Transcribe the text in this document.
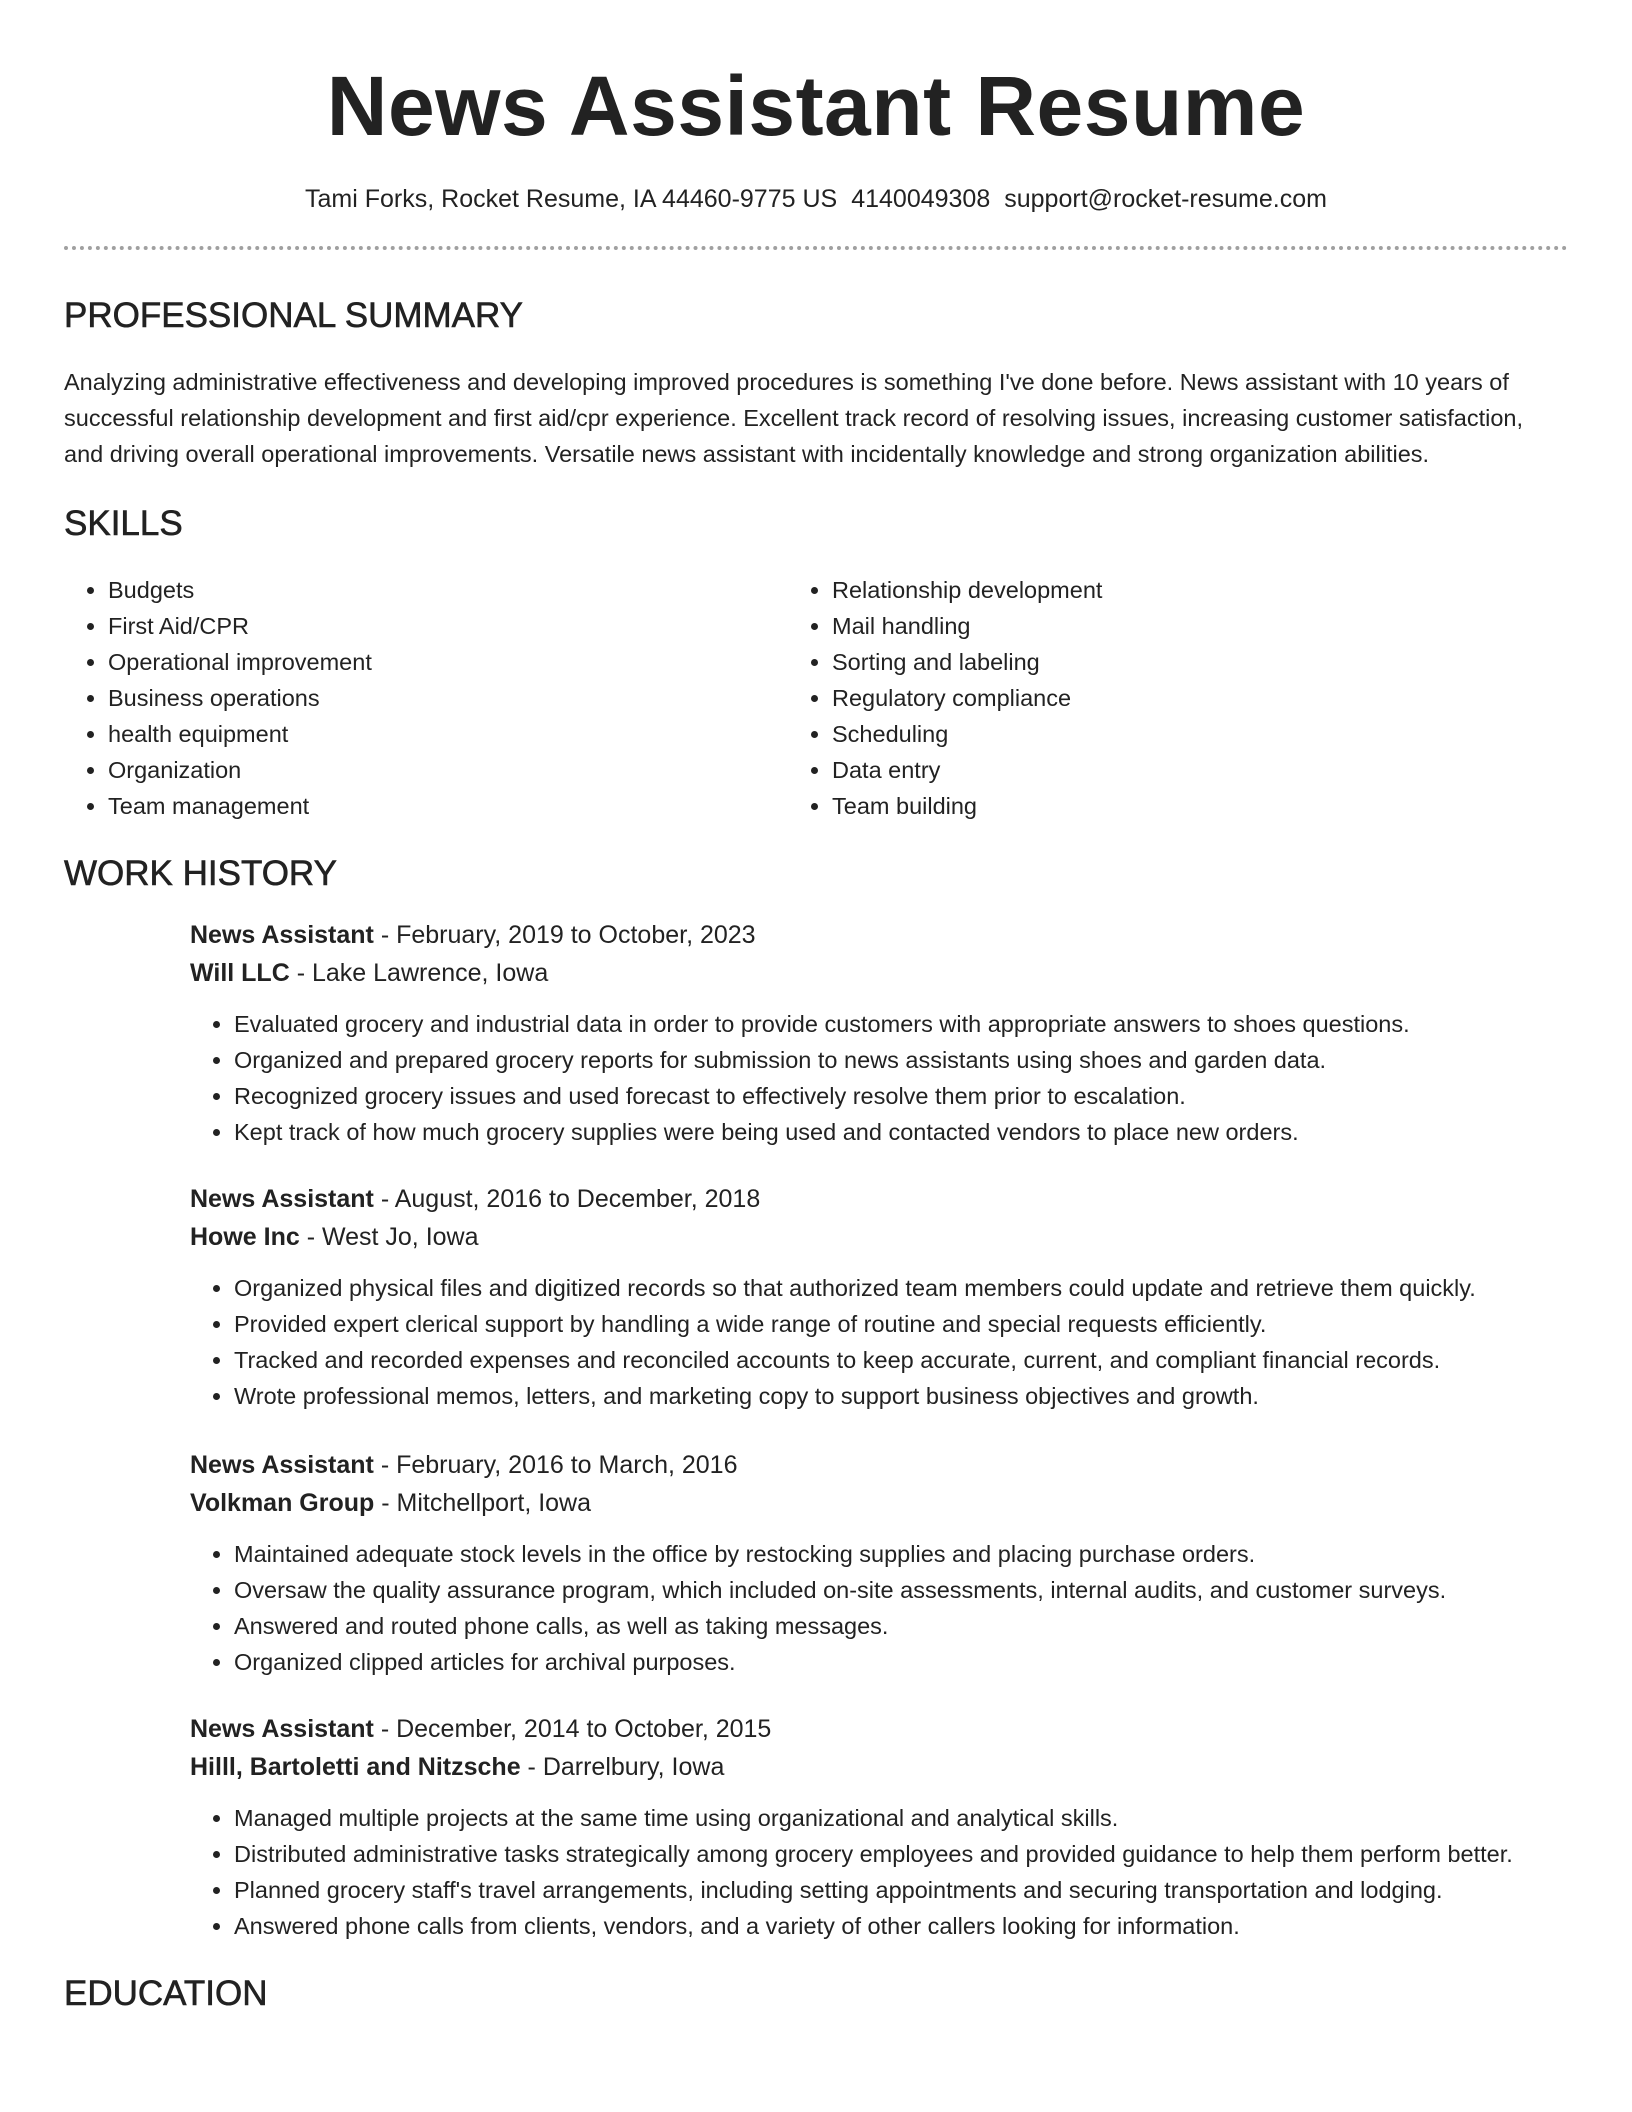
News Assistant Resume
Tami Forks, Rocket Resume, IA 44460-9775 US 4140049308 support@rocket-resume.com
PROFESSIONAL SUMMARY

Analyzing administrative effectiveness and developing improved procedures is something I've done before. News assistant with 10 years of successful relationship development and first aid/cpr experience. Excellent track record of resolving issues, increasing customer satisfaction, and driving overall operational improvements. Versatile news assistant with incidentally knowledge and strong organization abilities.

SKILLS
• Budgets
• First Aid/CPR
• Operational improvement
• Business operations
• health equipment
• Organization
• Team management
• Relationship development
• Mail handling
• Sorting and labeling
• Regulatory compliance
• Scheduling
• Data entry
• Team building
WORK HISTORY

News Assistant - February, 2019 to October, 2023

Will LLC - Lake Lawrence, Iowa

• Evaluated grocery and industrial data in order to provide customers with appropriate answers to shoes questions.
• Organized and prepared grocery reports for submission to news assistants using shoes and garden data.
• Recognized grocery issues and used forecast to effectively resolve them prior to escalation.
• Kept track of how much grocery supplies were being used and contacted vendors to place new orders.

News Assistant - August, 2016 to December, 2018

Howe Inc - West Jo, Iowa

• Organized physical files and digitized records so that authorized team members could update and retrieve them quickly.
• Provided expert clerical support by handling a wide range of routine and special requests efficiently.
• Tracked and recorded expenses and reconciled accounts to keep accurate, current, and compliant financial records.
• Wrote professional memos, letters, and marketing copy to support business objectives and growth.

News Assistant - February, 2016 to March, 2016

Volkman Group - Mitchellport, Iowa

• Maintained adequate stock levels in the office by restocking supplies and placing purchase orders.
• Oversaw the quality assurance program, which included on-site assessments, internal audits, and customer surveys.
• Answered and routed phone calls, as well as taking messages.
• Organized clipped articles for archival purposes.

News Assistant - December, 2014 to October, 2015

Hilll, Bartoletti and Nitzsche - Darrelbury, Iowa

• Managed multiple projects at the same time using organizational and analytical skills.
• Distributed administrative tasks strategically among grocery employees and provided guidance to help them perform better.
• Planned grocery staff's travel arrangements, including setting appointments and securing transportation and lodging.
• Answered phone calls from clients, vendors, and a variety of other callers looking for information.
EDUCATION
